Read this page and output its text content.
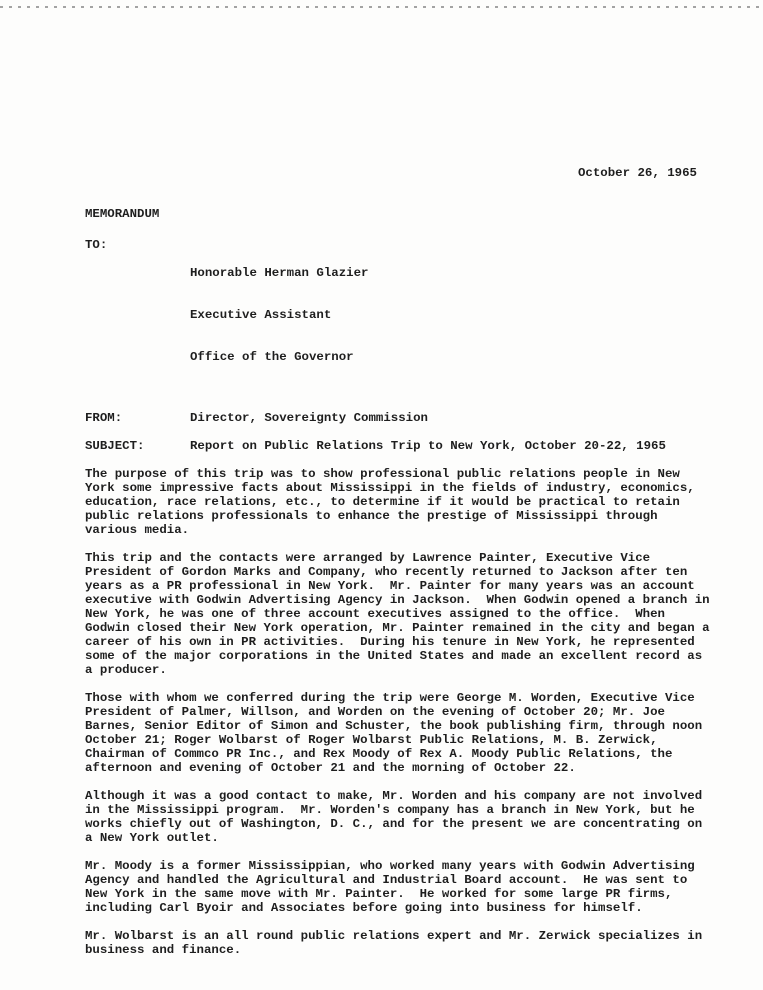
October 26, 1965
MEMORANDUM
TO:

Honorable Herman Glazier

Executive Assistant

Office of the Governor

FROM:	Director, Sovereignty Commission
SUBJECT:	Report on Public Relations Trip to New York, October 20-22, 1965

The purpose of this trip was to show professional public relations people in New York some impressive facts about Mississippi in the fields of industry, economics, education, race relations, etc., to determine if it would be practical to retain public relations professionals to enhance the prestige of Mississippi through various media.

This trip and the contacts were arranged by Lawrence Painter, Executive Vice President of Gordon Marks and Company, who recently returned to Jackson after ten years as a PR professional in New York.  Mr. Painter for many years was an account executive with Godwin Advertising Agency in Jackson.  When Godwin opened a branch in New York, he was one of three account executives assigned to the office.  When Godwin closed their New York operation, Mr. Painter remained in the city and began a career of his own in PR activities.  During his tenure in New York, he represented some of the major corporations in the United States and made an excellent record as a producer.

Those with whom we conferred during the trip were George M. Worden, Executive Vice President of Palmer, Willson, and Worden on the evening of October 20; Mr. Joe Barnes, Senior Editor of Simon and Schuster, the book publishing firm, through noon October 21; Roger Wolbarst of Roger Wolbarst Public Relations, M. B. Zerwick, Chairman of Commco PR Inc., and Rex Moody of Rex A. Moody Public Relations, the afternoon and evening of October 21 and the morning of October 22.

Although it was a good contact to make, Mr. Worden and his company are not involved in the Mississippi program.  Mr. Worden's company has a branch in New York, but he works chiefly out of Washington, D. C., and for the present we are concentrating on a New York outlet.

Mr. Moody is a former Mississippian, who worked many years with Godwin Advertising Agency and handled the Agricultural and Industrial Board account.  He was sent to New York in the same move with Mr. Painter.  He worked for some large PR firms, including Carl Byoir and Associates before going into business for himself.

Mr. Wolbarst is an all round public relations expert and Mr. Zerwick specializes in business and finance.
